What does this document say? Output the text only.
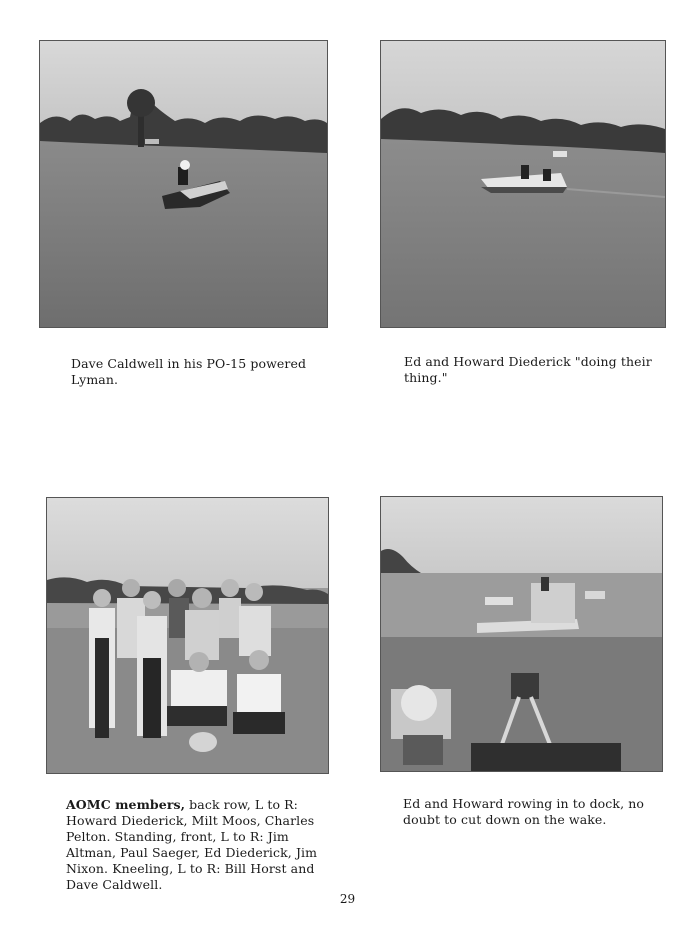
Dave Caldwell in his PO-15 powered Lyman.
Ed and Howard Diederick "doing their thing."
AOMC members, back row, L to R: Howard Diederick, Milt Moos, Charles Pelton. Standing, front, L to R: Jim Altman, Paul Saeger, Ed Diederick, Jim Nixon. Kneeling, L to R: Bill Horst and Dave Caldwell.
Ed and Howard rowing in to dock, no doubt to cut down on the wake.
29
